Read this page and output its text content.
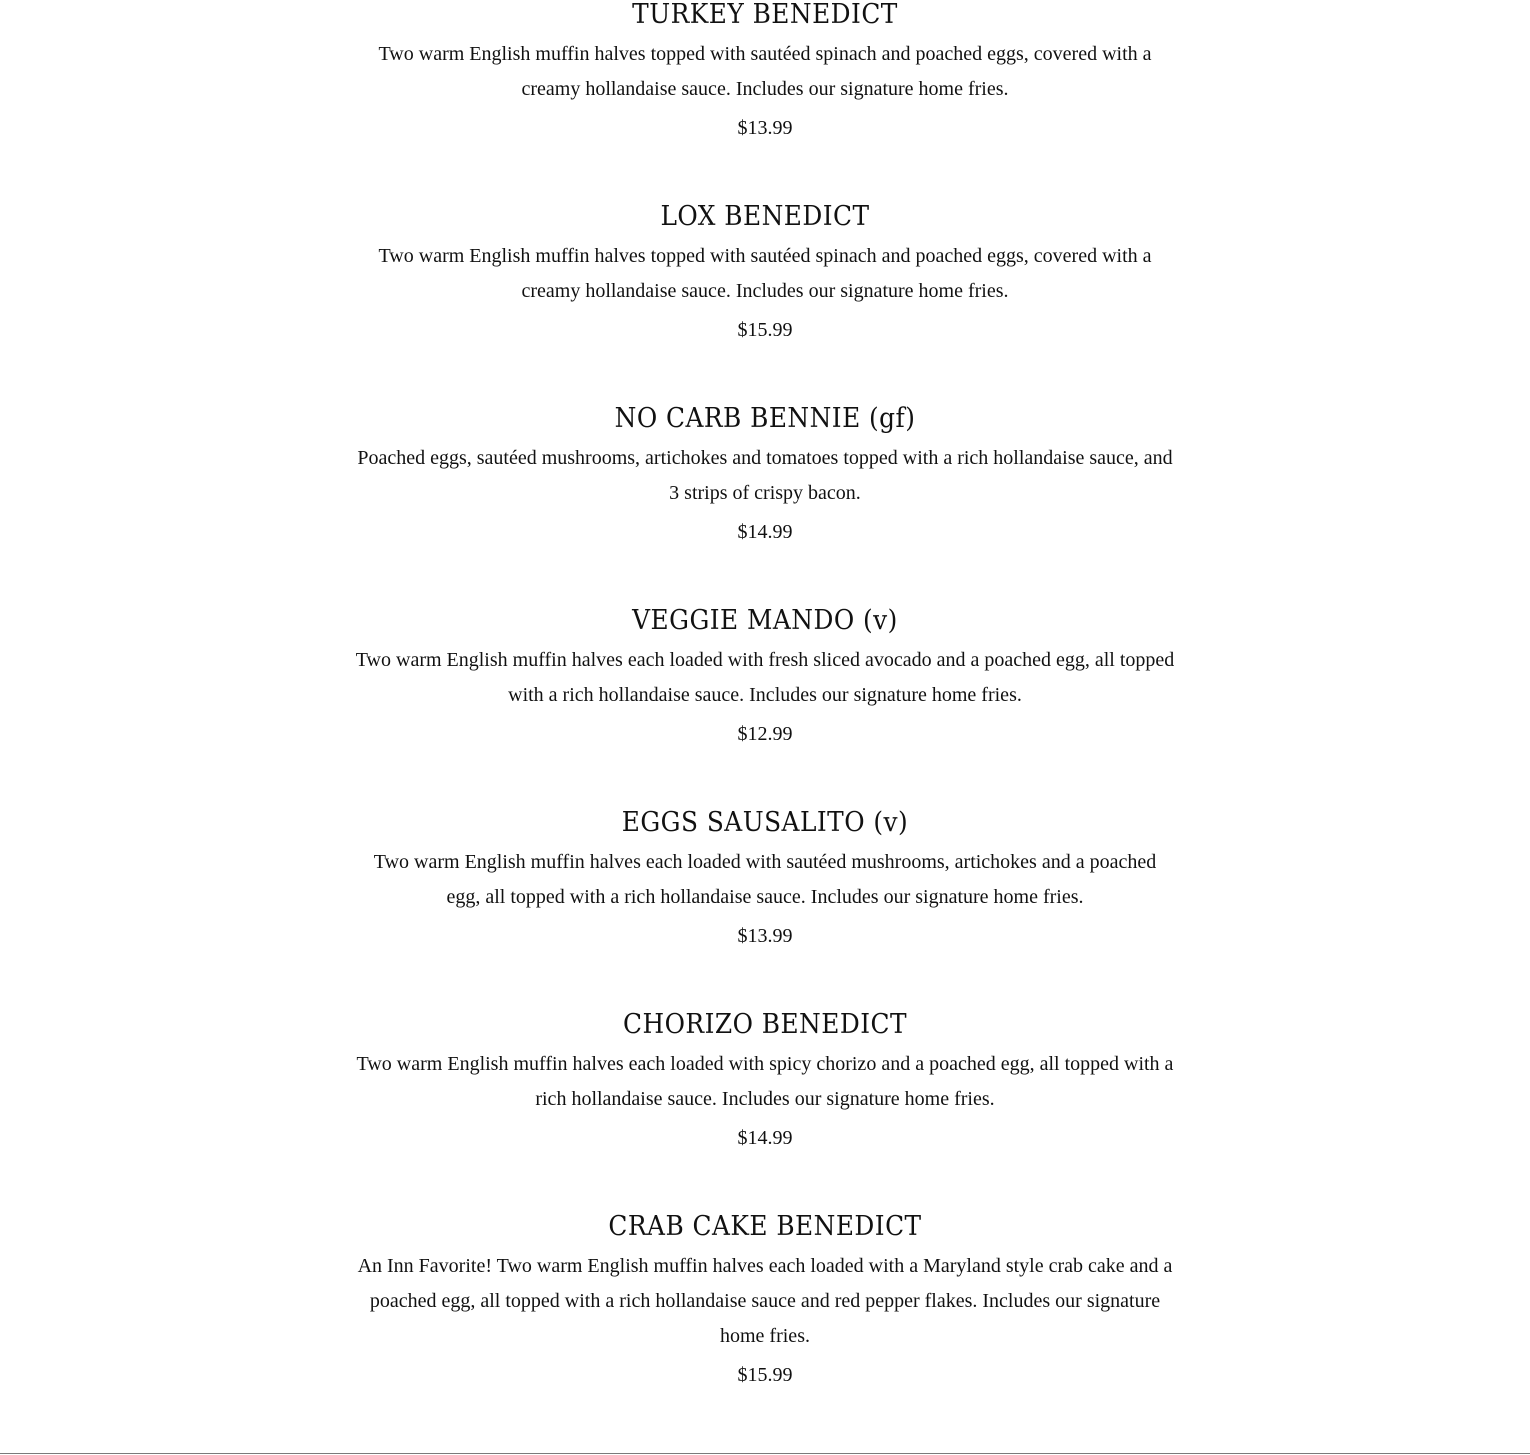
TURKEY BENEDICT

Two warm English muffin halves topped with sautéed spinach and poached eggs, covered with a creamy hollandaise sauce. Includes our signature home fries.

$13.99

LOX BENEDICT

Two warm English muffin halves topped with sautéed spinach and poached eggs, covered with a creamy hollandaise sauce. Includes our signature home fries.

$15.99

NO CARB BENNIE (gf)

Poached eggs, sautéed mushrooms, artichokes and tomatoes topped with a rich hollandaise sauce, and 3 strips of crispy bacon.

$14.99

VEGGIE MANDO (v)

Two warm English muffin halves each loaded with fresh sliced avocado and a poached egg, all topped with a rich hollandaise sauce. Includes our signature home fries.

$12.99

EGGS SAUSALITO (v)

Two warm English muffin halves each loaded with sautéed mushrooms, artichokes and a poached egg, all topped with a rich hollandaise sauce. Includes our signature home fries.

$13.99

CHORIZO BENEDICT

Two warm English muffin halves each loaded with spicy chorizo and a poached egg, all topped with a rich hollandaise sauce. Includes our signature home fries.

$14.99

CRAB CAKE BENEDICT

An Inn Favorite! Two warm English muffin halves each loaded with a Maryland style crab cake and a poached egg, all topped with a rich hollandaise sauce and red pepper flakes. Includes our signature home fries.

$15.99
